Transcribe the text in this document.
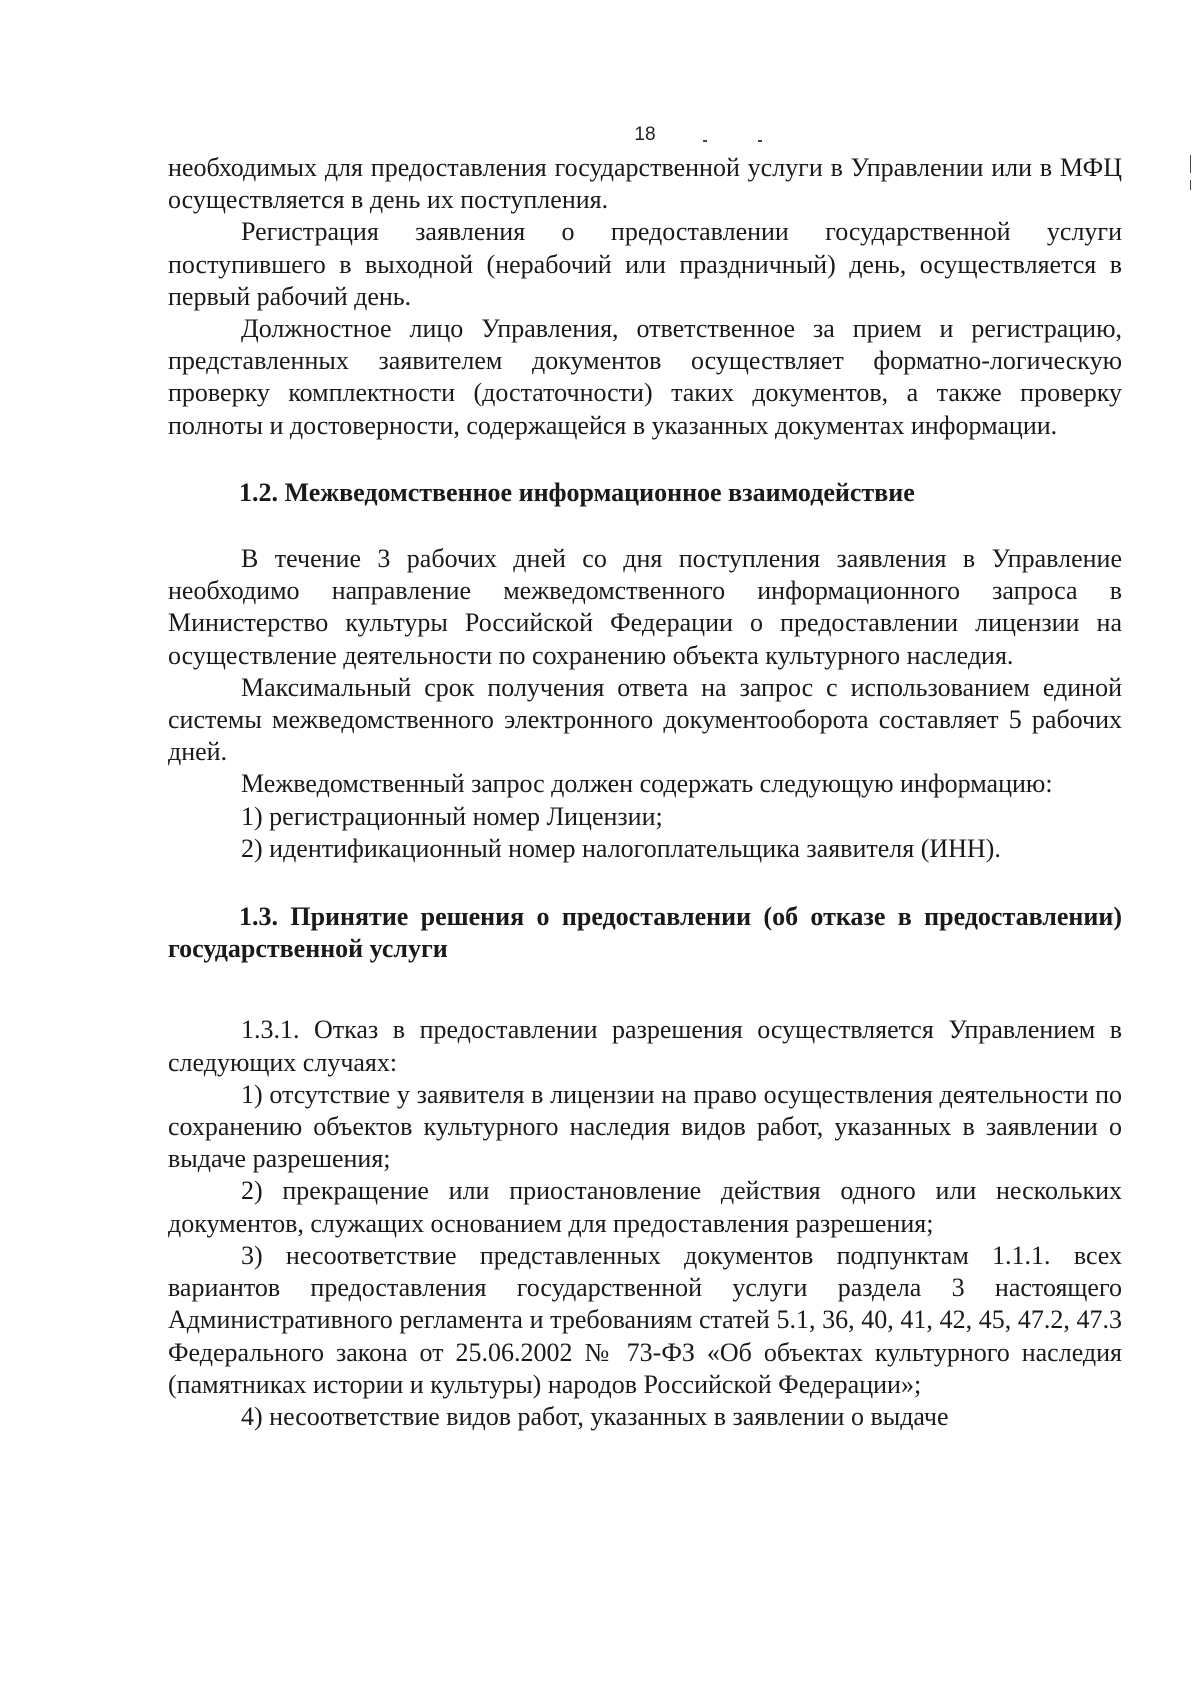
18

необходимых для предоставления государственной услуги в Управлении или в МФЦ осуществляется в день их поступления.

Регистрация заявления о предоставлении государственной услуги поступившего в выходной (нерабочий или праздничный) день, осуществляется в первый рабочий день.

Должностное лицо Управления, ответственное за прием и регистрацию, представленных заявителем документов осуществляет форматно-логическую проверку комплектности (достаточности) таких документов, а также проверку полноты и достоверности, содержащейся в указанных документах информации.

1.2. Межведомственное информационное взаимодействие

В течение 3 рабочих дней со дня поступления заявления в Управление необходимо направление межведомственного информационного запроса в Министерство культуры Российской Федерации о предоставлении лицензии на осуществление деятельности по сохранению объекта культурного наследия.

Максимальный срок получения ответа на запрос с использованием единой системы межведомственного электронного документооборота составляет 5 рабочих дней.

Межведомственный запрос должен содержать следующую информацию:

1) регистрационный номер Лицензии;

2) идентификационный номер налогоплательщика заявителя (ИНН).

1.3. Принятие решения о предоставлении (об отказе в предоставлении) государственной услуги

1.3.1. Отказ в предоставлении разрешения осуществляется Управлением в следующих случаях:

1) отсутствие у заявителя в лицензии на право осуществления деятельности по сохранению объектов культурного наследия видов работ, указанных в заявлении о выдаче разрешения;

2) прекращение или приостановление действия одного или нескольких документов, служащих основанием для предоставления разрешения;

3) несоответствие представленных документов подпунктам 1.1.1. всех вариантов предоставления государственной услуги раздела 3 настоящего Административного регламента и требованиям статей 5.1, 36, 40, 41, 42, 45, 47.2, 47.3 Федерального закона от 25.06.2002 № 73-ФЗ «Об объектах культурного наследия (памятниках истории и культуры) народов Российской Федерации»;

4) несоответствие видов работ, указанных в заявлении о выдаче
